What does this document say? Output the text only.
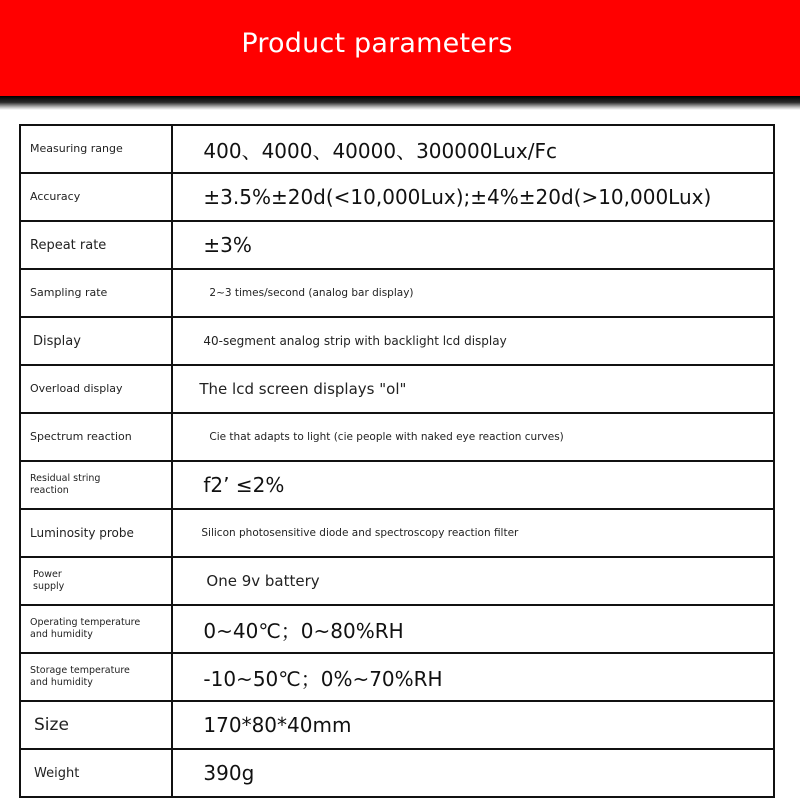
Product parameters
Measuring range	400、4000、40000、300000Lux/Fc

Accuracy	±3.5%±20d(<10,000Lux);±4%±20d(>10,000Lux)

Repeat rate	±3%

Sampling rate	2~3 times/second (analog bar display)

Display	40-segment analog strip with backlight lcd display

Overload display	The lcd screen displays "ol"

Spectrum reaction	Cie that adapts to light (cie people with naked eye reaction curves)

Residual string
reaction	f2’ ≤2%

Luminosity probe	Silicon photosensitive diode and spectroscopy reaction filter

Power
supply	One 9v battery

Operating temperature
and humidity	0~40℃；0~80%RH

Storage temperature
and humidity	-10~50℃；0%~70%RH

Size	170*80*40mm

Weight	390g
